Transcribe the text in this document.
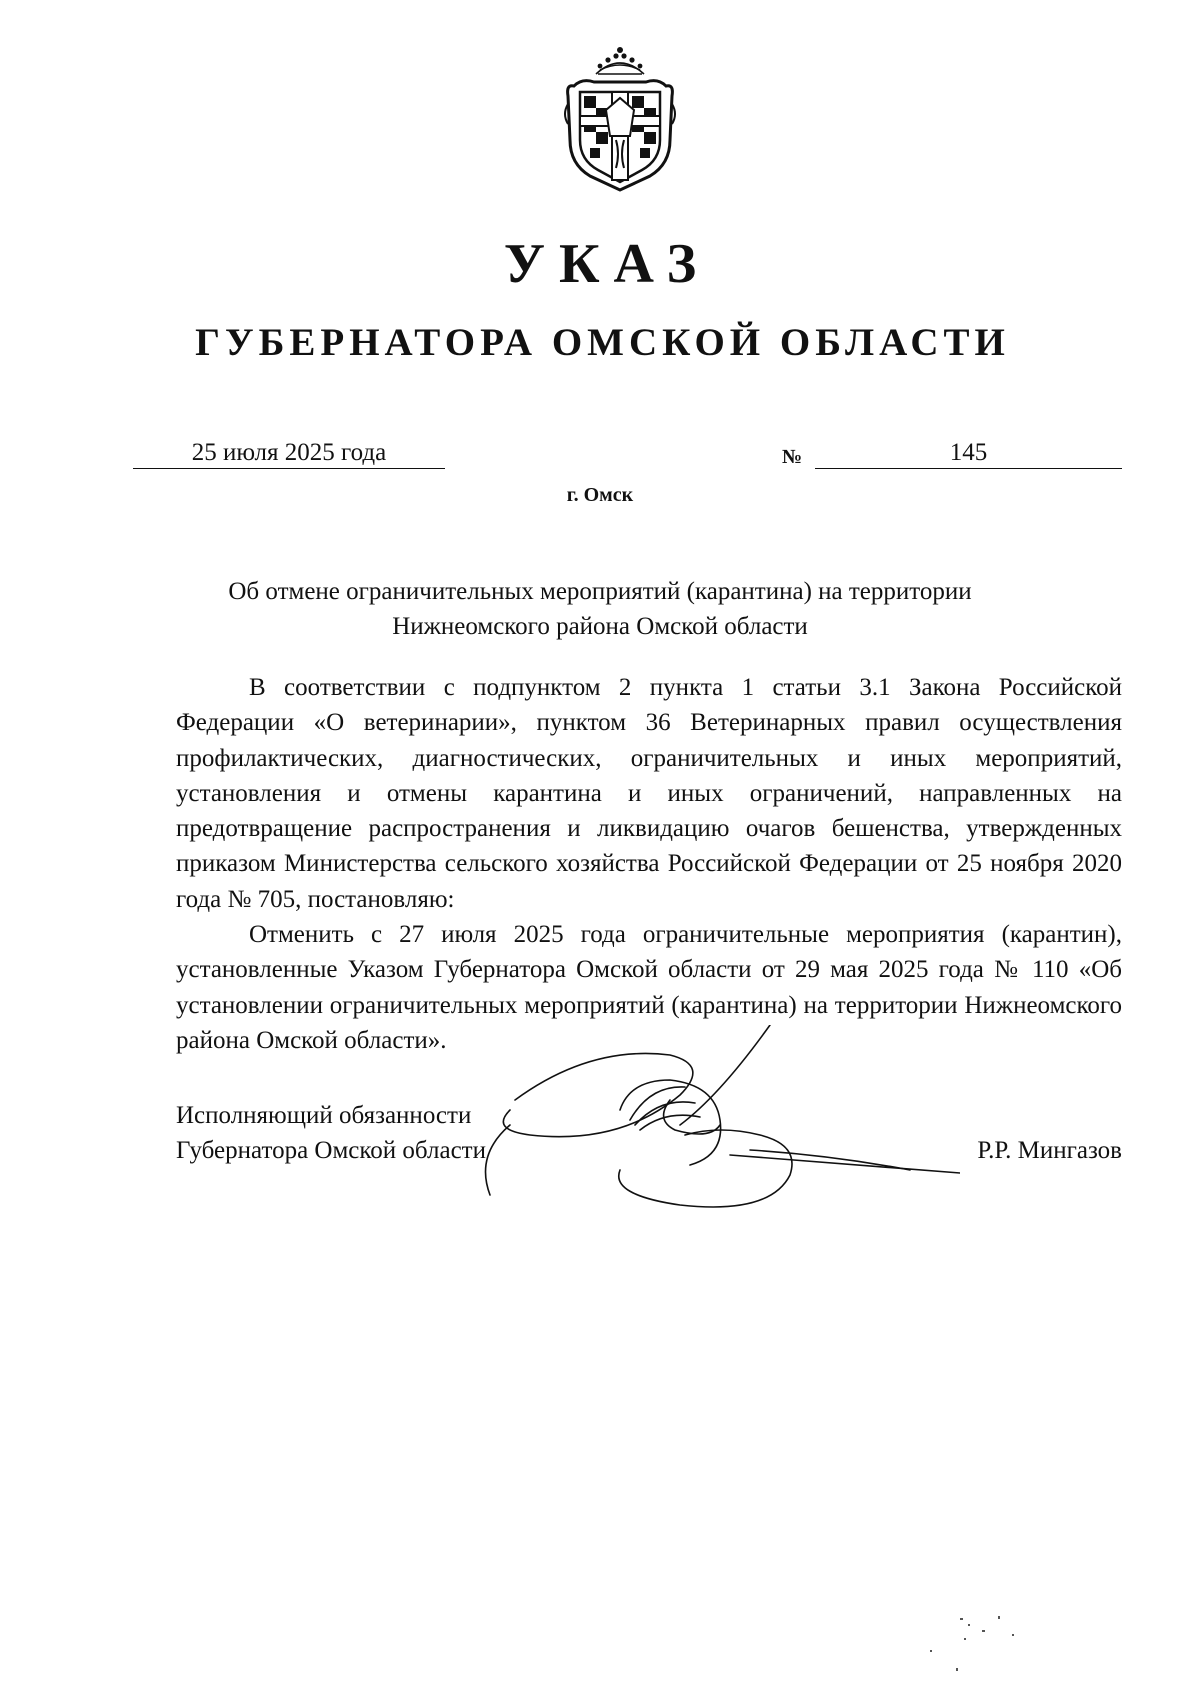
УКАЗ
ГУБЕРНАТОРА ОМСКОЙ ОБЛАСТИ
25 июля 2025 года	№	145
г. Омск

Об отмене ограничительных мероприятий (карантина) на территории
Нижнеомского района Омской области

В соответствии с подпунктом 2 пункта 1 статьи 3.1 Закона Российской Федерации «О ветеринарии», пунктом 36 Ветеринарных правил осуществления профилактических, диагностических, ограничительных и иных мероприятий, установления и отмены карантина и иных ограничений, направленных на предотвращение распространения и ликвидацию очагов бешенства, утвержденных приказом Министерства сельского хозяйства Российской Федерации от 25 ноября 2020 года № 705, постановляю:

Отменить с 27 июля 2025 года ограничительные мероприятия (карантин), установленные Указом Губернатора Омской области от 29 мая 2025 года № 110 «Об установлении ограничительных мероприятий (карантина) на территории Нижнеомского района Омской области».

Исполняющий обязанности
Губернатора Омской области	Р.Р. Мингазов
